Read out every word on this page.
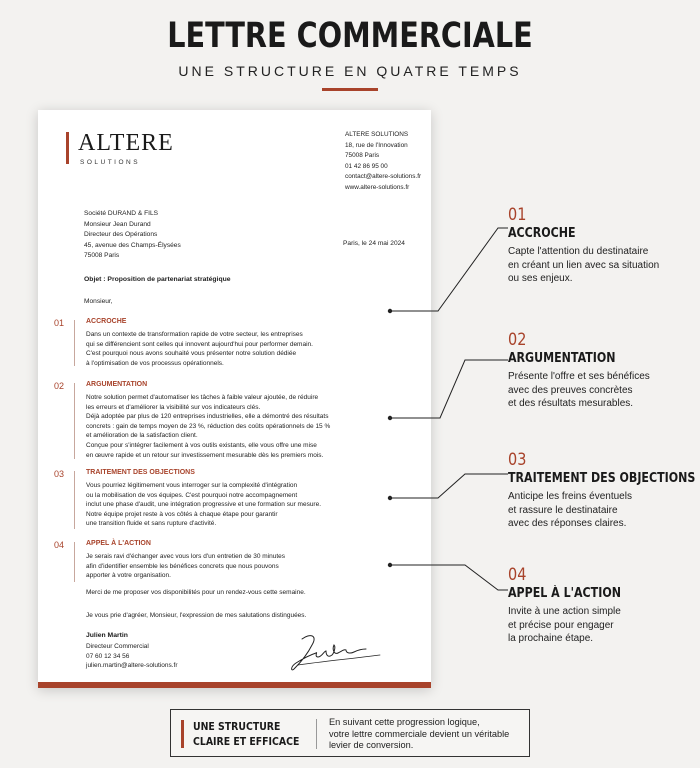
LETTRE COMMERCIALE
UNE STRUCTURE EN QUATRE TEMPS
ALTERE
SOLUTIONS
ALTERE SOLUTIONS
18, rue de l'Innovation
75008 Paris
01 42 86 95 00
contact@altere-solutions.fr
www.altere-solutions.fr
Société DURAND & FILS
Monsieur Jean Durand
Directeur des Opérations
45, avenue des Champs-Élysées
75008 Paris
Paris, le 24 mai 2024
Objet : Proposition de partenariat stratégique
Monsieur,
01	ACCROCHE
Dans un contexte de transformation rapide de votre secteur, les entreprises
qui se différencient sont celles qui innovent aujourd'hui pour performer demain.
C'est pourquoi nous avons souhaité vous présenter notre solution dédiée
à l'optimisation de vos processus opérationnels.
02	ARGUMENTATION
Notre solution permet d'automatiser les tâches à faible valeur ajoutée, de réduire
les erreurs et d'améliorer la visibilité sur vos indicateurs clés.
Déjà adoptée par plus de 120 entreprises industrielles, elle a démontré des résultats
concrets : gain de temps moyen de 23 %, réduction des coûts opérationnels de 15 %
et amélioration de la satisfaction client.
Conçue pour s'intégrer facilement à vos outils existants, elle vous offre une mise
en œuvre rapide et un retour sur investissement mesurable dès les premiers mois.
03	TRAITEMENT DES OBJECTIONS
Vous pourriez légitimement vous interroger sur la complexité d'intégration
ou la mobilisation de vos équipes. C'est pourquoi notre accompagnement
inclut une phase d'audit, une intégration progressive et une formation sur mesure.
Notre équipe projet reste à vos côtés à chaque étape pour garantir
une transition fluide et sans rupture d'activité.
04	APPEL À L'ACTION
Je serais ravi d'échanger avec vous lors d'un entretien de 30 minutes
afin d'identifier ensemble les bénéfices concrets que nous pouvons
apporter à votre organisation.
Merci de me proposer vos disponibilités pour un rendez-vous cette semaine.
Je vous prie d'agréer, Monsieur, l'expression de mes salutations distinguées.
Julien Martin
Directeur Commercial
07 60 12 34 56
julien.martin@altere-solutions.fr
01
ACCROCHE
Capte l'attention du destinataire
en créant un lien avec sa situation
ou ses enjeux.
02
ARGUMENTATION
Présente l'offre et ses bénéfices
avec des preuves concrètes
et des résultats mesurables.
03
TRAITEMENT DES OBJECTIONS
Anticipe les freins éventuels
et rassure le destinataire
avec des réponses claires.
04
APPEL À L'ACTION
Invite à une action simple
et précise pour engager
la prochaine étape.
UNE STRUCTURE
CLAIRE ET EFFICACE
En suivant cette progression logique,
votre lettre commerciale devient un véritable
levier de conversion.
